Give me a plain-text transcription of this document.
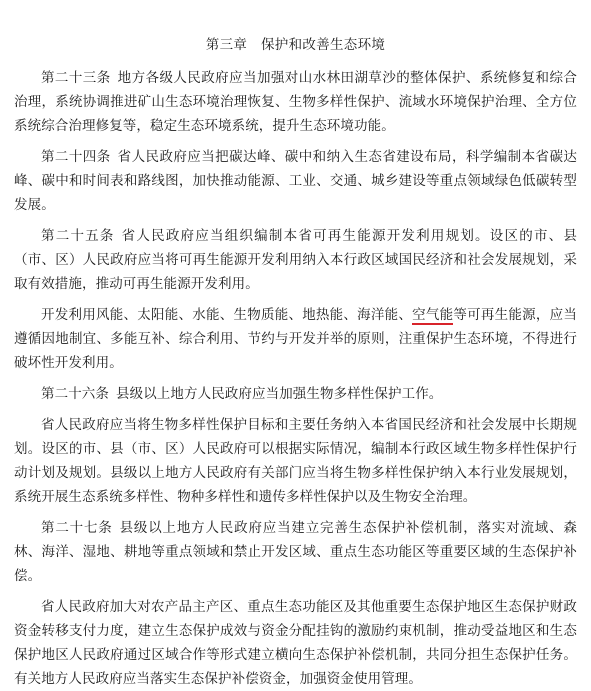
第三章　保护和改善生态环境

第二十三条 地方各级人民政府应当加强对山水林田湖草沙的整体保护、系统修复和综合治理，系统协调推进矿山生态环境治理恢复、生物多样性保护、流域水环境保护治理、全方位系统综合治理修复等，稳定生态环境系统，提升生态环境功能。

第二十四条 省人民政府应当把碳达峰、碳中和纳入生态省建设布局，科学编制本省碳达峰、碳中和时间表和路线图，加快推动能源、工业、交通、城乡建设等重点领域绿色低碳转型发展。

第二十五条 省人民政府应当组织编制本省可再生能源开发利用规划。设区的市、县（市、区）人民政府应当将可再生能源开发利用纳入本行政区域国民经济和社会发展规划，采取有效措施，推动可再生能源开发利用。

开发利用风能、太阳能、水能、生物质能、地热能、海洋能、空气能等可再生能源，应当遵循因地制宜、多能互补、综合利用、节约与开发并举的原则，注重保护生态环境，不得进行破坏性开发利用。

第二十六条 县级以上地方人民政府应当加强生物多样性保护工作。

省人民政府应当将生物多样性保护目标和主要任务纳入本省国民经济和社会发展中长期规划。设区的市、县（市、区）人民政府可以根据实际情况，编制本行政区域生物多样性保护行动计划及规划。县级以上地方人民政府有关部门应当将生物多样性保护纳入本行业发展规划，系统开展生态系统多样性、物种多样性和遗传多样性保护以及生物安全治理。

第二十七条 县级以上地方人民政府应当建立完善生态保护补偿机制，落实对流域、森林、海洋、湿地、耕地等重点领域和禁止开发区域、重点生态功能区等重要区域的生态保护补偿。

省人民政府加大对农产品主产区、重点生态功能区及其他重要生态保护地区生态保护财政资金转移支付力度，建立生态保护成效与资金分配挂钩的激励约束机制，推动受益地区和生态保护地区人民政府通过区域合作等形式建立横向生态保护补偿机制，共同分担生态保护任务。有关地方人民政府应当落实生态保护补偿资金，加强资金使用管理。
